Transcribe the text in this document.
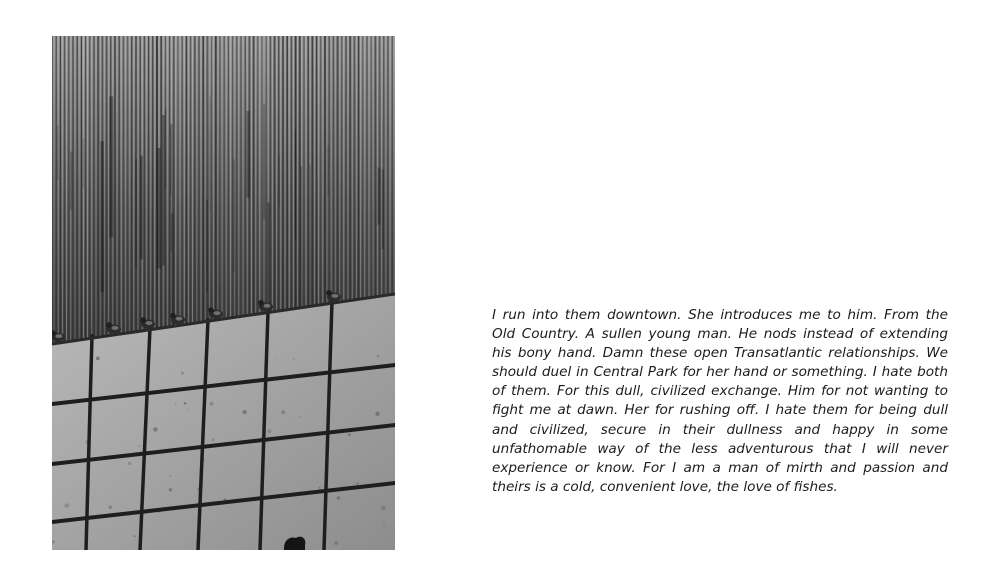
I run into them downtown. She introduces me to him. From the Old Country. A sullen young man. He nods instead of extending his bony hand. Damn these open Transatlantic relationships. We should duel in Central Park for her hand or something. I hate both of them. For this dull, civilized exchange. Him for not wanting to fight me at dawn. Her for rushing off. I hate them for being dull and civilized, secure in their dullness and happy in some unfathomable way of the less adventurous that I will never experience or know. For I am a man of mirth and passion and theirs is a cold, convenient love, the love of fishes.
